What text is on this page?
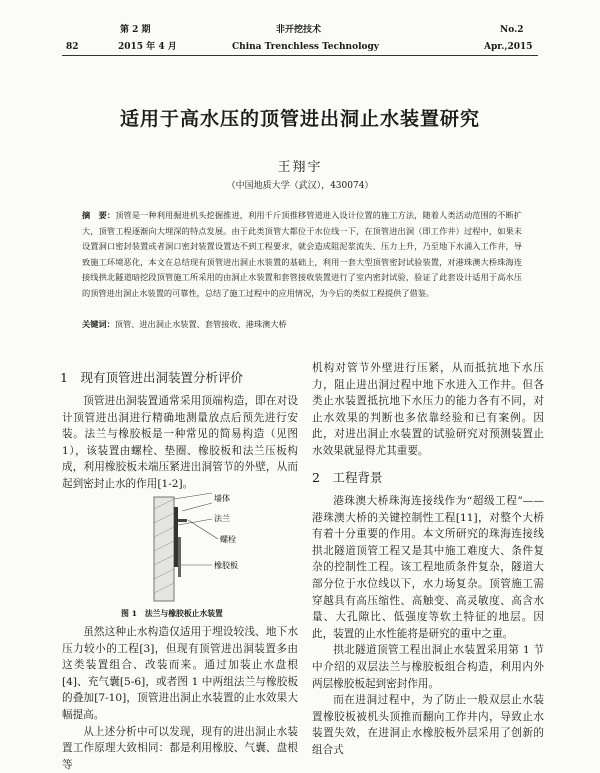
第 2 期	非开挖技术	No.2
82	2015 年 4 月	China Trenchless Technology	Apr.,2015
适用于高水压的顶管进出洞止水装置研究
王翔宇
（中国地质大学（武汉），430074）
摘　要：顶管是一种利用掘进机头挖掘推进，利用千斤顶推移管道进入设计位置的施工方法，随着人类活动范围的不断扩大，顶管工程逐渐向大埋深的特点发展。由于此类顶管大都位于水位线一下，在顶管进出洞（即工作井）过程中，如果未设置洞口密封装置或者洞口密封装置设置达不到工程要求，就会造成阻泥浆流失、压力上升，乃至地下水涌入工作井，导致施工环境恶化，本文在总结现有顶管进出洞止水装置的基础上，利用一套大型顶管密封试验装置，对港珠澳大桥珠海连接线拱北隧道暗挖段顶管施工所采用的由洞止水装置和套管接收装置进行了室内密封试验，验证了此套设计适用于高水压的顶管进出洞止水装置的可靠性，总结了施工过程中的应用情况，为今后的类似工程提供了借鉴。
关键词：顶管、进出洞止水装置、套管接收、港珠澳大桥
1　现有顶管进出洞装置分析评价

顶管进出洞装置通常采用顶端构造，即在对设计顶管进出洞进行精确地测量放点后预先进行安装。法兰与橡胶板是一种常见的简易构造（见图 1），该装置由螺栓、垫圈、橡胶板和法兰压板构成，利用橡胶板未端压紧进出洞管节的外壁，从而起到密封止水的作用[1-2]。

墙体
法兰
螺栓
橡胶板
图 1　法兰与橡胶板止水装置

虽然这种止水构造仅适用于埋设较浅、地下水压力较小的工程[3]，但现有顶管进出洞装置多由这类装置组合、改装而来。通过加装止水盘根[4]、充气囊[5-6]，或者图 1 中两组法兰与橡胶板的叠加[7-10]，顶管进出洞止水装置的止水效果大幅提高。

从上述分析中可以发现，现有的进出洞止水装置工作原理大致相同：都是利用橡胶、气囊、盘根等

机构对管节外壁进行压紧，从而抵抗地下水压力，阻止进出洞过程中地下水进入工作井。但各类止水装置抵抗地下水压力的能力各有不同，对止水效果的判断也多依靠经验和已有案例。因此，对进出洞止水装置的试验研究对预测装置止水效果就显得尤其重要。

2　工程背景

港珠澳大桥珠海连接线作为“超级工程”——港珠澳大桥的关键控制性工程[11]，对整个大桥有着十分重要的作用。本文所研究的珠海连接线拱北隧道顶管工程又是其中施工难度大、条件复杂的控制性工程。该工程地质条件复杂，隧道大部分位于水位线以下，水力场复杂。顶管施工需穿越具有高压缩性、高触变、高灵敏度、高含水量、大孔隙比、低强度等软土特征的地层。因此，装置的止水性能将是研究的重中之重。

拱北隧道顶管工程出洞止水装置采用第 1 节中介绍的双层法兰与橡胶板组合构造，利用内外两层橡胶板起到密封作用。

而在进洞过程中，为了防止一般双层止水装置橡胶板被机头顶推而翻向工作井内，导致止水装置失效，在进洞止水橡胶板外层采用了创新的组合式
